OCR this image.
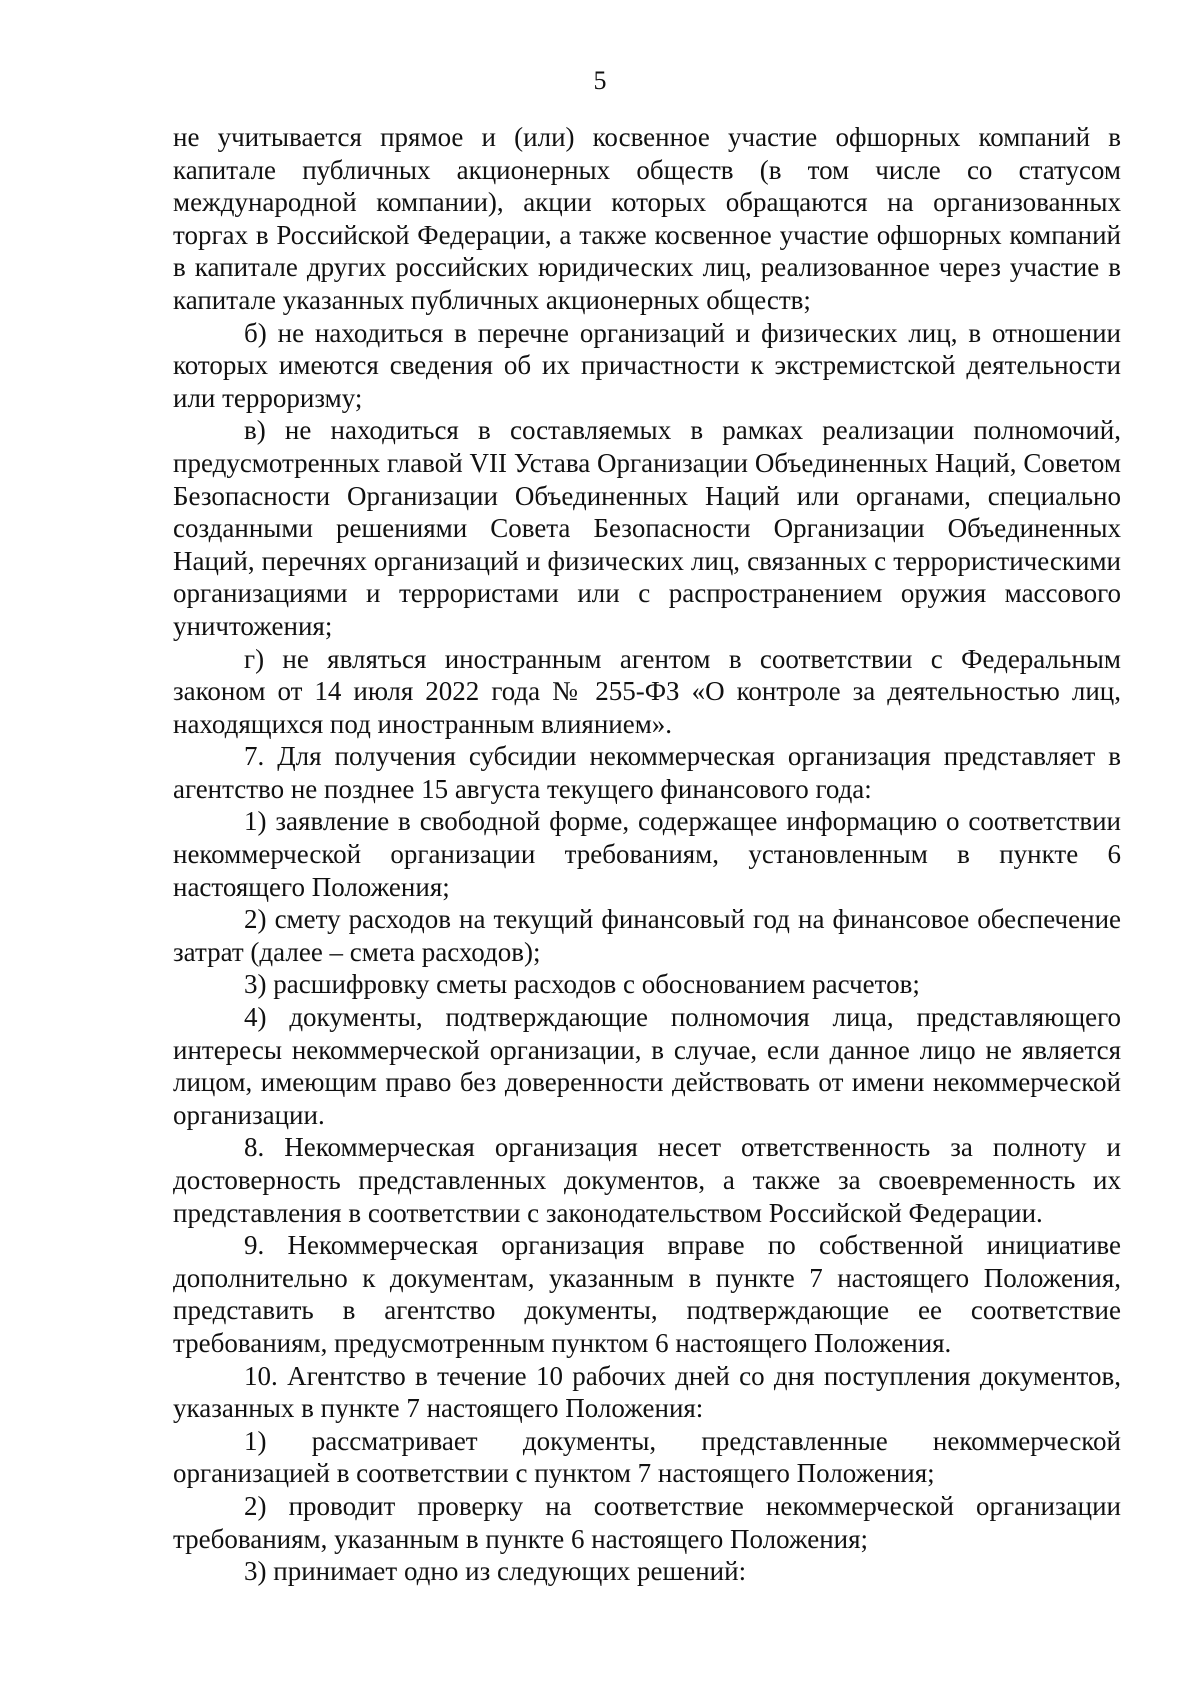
5

не учитывается прямое и (или) косвенное участие офшорных компаний в капитале публичных акционерных обществ (в том числе со статусом международной компании), акции которых обращаются на организованных торгах в Российской Федерации, а также косвенное участие офшорных компаний в капитале других российских юридических лиц, реализованное через участие в капитале указанных публичных акционерных обществ;

б) не находиться в перечне организаций и физических лиц, в отношении которых имеются сведения об их причастности к экстремистской деятельности или терроризму;

в) не находиться в составляемых в рамках реализации полномочий, предусмотренных главой VII Устава Организации Объединенных Наций, Советом Безопасности Организации Объединенных Наций или органами, специально созданными решениями Совета Безопасности Организации Объединенных Наций, перечнях организаций и физических лиц, связанных с террористическими организациями и террористами или с распространением оружия массового уничтожения;

г) не являться иностранным агентом в соответствии с Федеральным законом от 14 июля 2022 года № 255-ФЗ «О контроле за деятельностью лиц, находящихся под иностранным влиянием».

7. Для получения субсидии некоммерческая организация представляет в агентство не позднее 15 августа текущего финансового года:

1) заявление в свободной форме, содержащее информацию о соответствии некоммерческой организации требованиям, установленным в пункте 6 настоящего Положения;

2) смету расходов на текущий финансовый год на финансовое обеспечение затрат (далее – смета расходов);

3) расшифровку сметы расходов с обоснованием расчетов;

4) документы, подтверждающие полномочия лица, представляющего интересы некоммерческой организации, в случае, если данное лицо не является лицом, имеющим право без доверенности действовать от имени некоммерческой организации.

8. Некоммерческая организация несет ответственность за полноту и достоверность представленных документов, а также за своевременность их представления в соответствии с законодательством Российской Федерации.

9. Некоммерческая организация вправе по собственной инициативе дополнительно к документам, указанным в пункте 7 настоящего Положения, представить в агентство документы, подтверждающие ее соответствие требованиям, предусмотренным пунктом 6 настоящего Положения.

10. Агентство в течение 10 рабочих дней со дня поступления документов, указанных в пункте 7 настоящего Положения:

1) рассматривает документы, представленные некоммерческой организацией в соответствии с пунктом 7 настоящего Положения;

2) проводит проверку на соответствие некоммерческой организации требованиям, указанным в пункте 6 настоящего Положения;

3) принимает одно из следующих решений:
